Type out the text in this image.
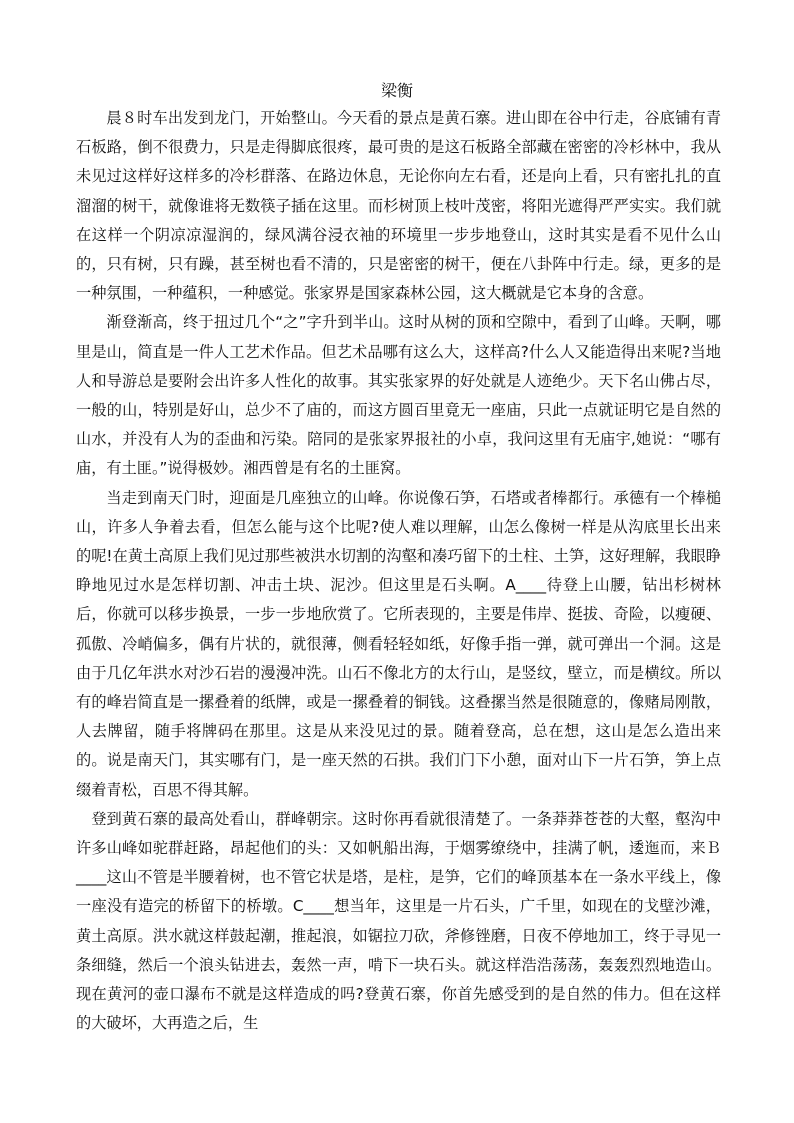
梁衡

晨８时车出发到龙门，开始整山。今天看的景点是黄石寨。进山即在谷中行走，谷底铺有青石板路，倒不很费力，只是走得脚底很疼，最可贵的是这石板路全部藏在密密的冷杉林中，我从未见过这样好这样多的冷杉群落、在路边休息，无论你向左右看，还是向上看，只有密扎扎的直溜溜的树干，就像谁将无数筷子插在这里。而杉树顶上枝叶茂密，将阳光遮得严严实实。我们就在这样一个阴凉凉湿润的，绿风满谷浸衣袖的环境里一步步地登山，这时其实是看不见什么山的，只有树，只有躁，甚至树也看不清的，只是密密的树干，便在八卦阵中行走。绿，更多的是一种氛围，一种蕴积，一种感觉。张家界是国家森林公园，这大概就是它本身的含意。

渐登渐高，终于扭过几个“之”字升到半山。这时从树的顶和空隙中，看到了山峰。天啊，哪里是山，简直是一件人工艺术作品。但艺术品哪有这么大，这样高?什么人又能造得出来呢?当地人和导游总是要附会出许多人性化的故事。其实张家界的好处就是人迹绝少。天下名山佛占尽，一般的山，特别是好山，总少不了庙的，而这方圆百里竟无一座庙，只此一点就证明它是自然的山水，并没有人为的歪曲和污染。陪同的是张家界报社的小卓，我问这里有无庙宇,她说：“哪有庙，有土匪。”说得极妙。湘西曾是有名的土匪窝。

当走到南天门时，迎面是几座独立的山峰。你说像石笋，石塔或者棒都行。承德有一个棒槌山，许多人争着去看，但怎么能与这个比呢?使人难以理解，山怎么像树一样是从沟底里长出来的呢!在黄土高原上我们见过那些被洪水切割的沟壑和凑巧留下的土柱、土笋，这好理解，我眼睁睁地见过水是怎样切割、冲击土块、泥沙。但这里是石头啊。A____待登上山腰，钻出杉树林后，你就可以移步换景，一步一步地欣赏了。它所表现的，主要是伟岸、挺拔、奇险，以瘦硬、孤傲、冷峭偏多，偶有片状的，就很薄，侧看轻轻如纸，好像手指一弹，就可弹出一个洞。这是由于几亿年洪水对沙石岩的漫漫冲洗。山石不像北方的太行山，是竖纹，壁立，而是横纹。所以有的峰岩简直是一摞叠着的纸牌，或是一摞叠着的铜钱。这叠摞当然是很随意的，像赌局刚散，人去牌留，随手将牌码在那里。这是从来没见过的景。随着登高，总在想，这山是怎么造出来的。说是南天门，其实哪有门，是一座天然的石拱。我们门下小憩，面对山下一片石笋，笋上点缀着青松，百思不得其解。

登到黄石寨的最高处看山，群峰朝宗。这时你再看就很清楚了。一条莽莽苍苍的大壑，壑沟中许多山峰如驼群赶路，昂起他们的头：又如帆船出海，于烟雾缭绕中，挂满了帆，逶迤而，来Ｂ____这山不管是半腰着树，也不管它状是塔，是柱，是笋，它们的峰顶基本在一条水平线上，像一座没有造完的桥留下的桥墩。C____想当年，这里是一片石头，广千里，如现在的戈壁沙滩，黄土高原。洪水就这样鼓起潮，推起浪，如锯拉刀砍，斧修锉磨，日夜不停地加工，终于寻见一条细缝，然后一个浪头钻进去，轰然一声，啃下一块石头。就这样浩浩荡荡，轰轰烈烈地造山。现在黄河的壶口瀑布不就是这样造成的吗?登黄石寨，你首先感受到的是自然的伟力。但在这样的大破坏，大再造之后，生
